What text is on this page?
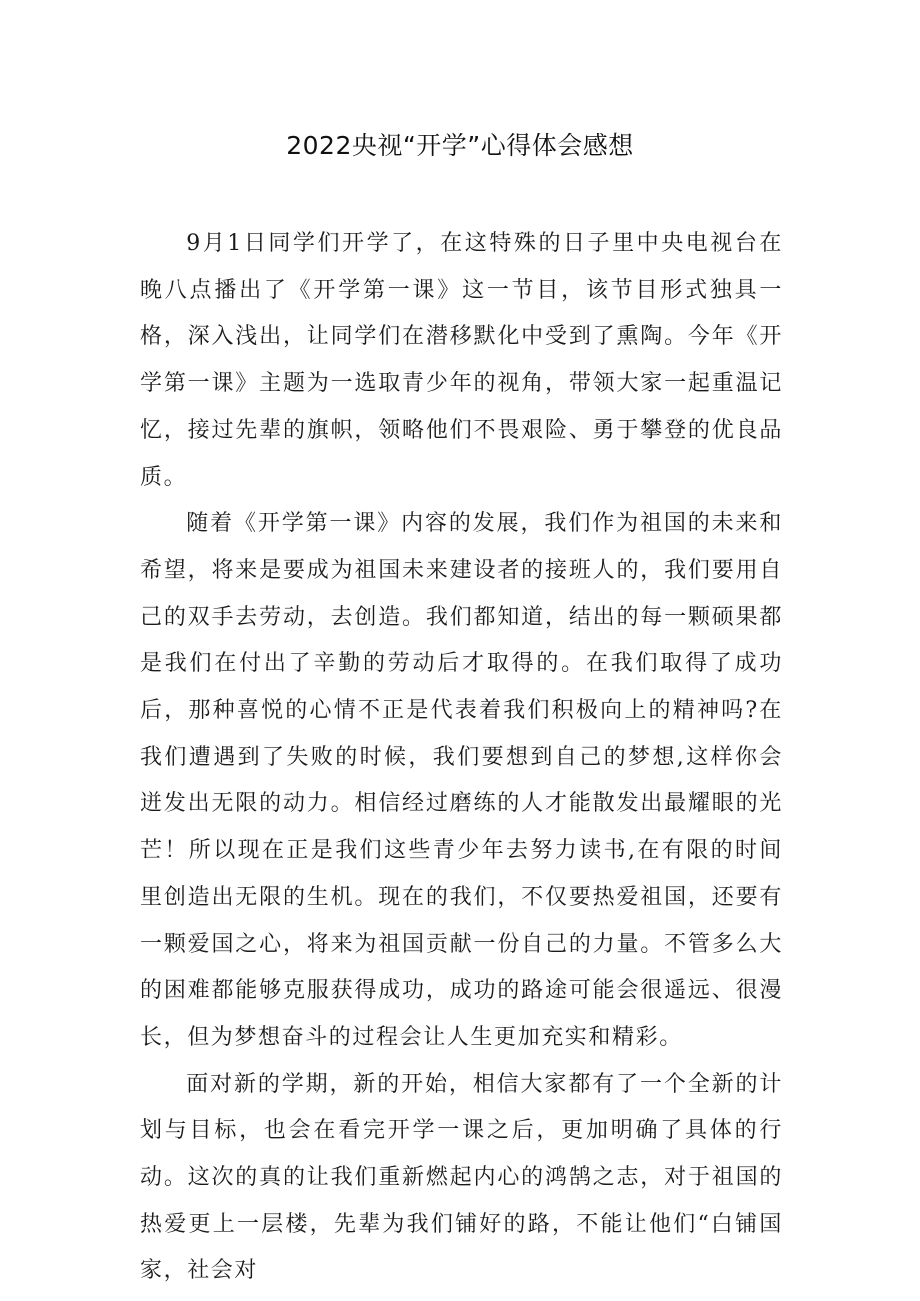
2022央视“开学”心得体会感想

9月1日同学们开学了，在这特殊的日子里中央电视台在晚八点播出了《开学第一课》这一节目，该节目形式独具一格，深入浅出，让同学们在潜移默化中受到了熏陶。今年《开学第一课》主题为一选取青少年的视角，带领大家一起重温记忆，接过先辈的旗帜，领略他们不畏艰险、勇于攀登的优良品质。

随着《开学第一课》内容的发展，我们作为祖国的未来和希望，将来是要成为祖国未来建设者的接班人的，我们要用自己的双手去劳动，去创造。我们都知道，结出的每一颗硕果都是我们在付出了辛勤的劳动后才取得的。在我们取得了成功后，那种喜悦的心情不正是代表着我们积极向上的精神吗?在我们遭遇到了失败的时候，我们要想到自己的梦想,这样你会迸发出无限的动力。相信经过磨练的人才能散发出最耀眼的光芒！所以现在正是我们这些青少年去努力读书,在有限的时间里创造出无限的生机。现在的我们，不仅要热爱祖国，还要有一颗爱国之心，将来为祖国贡献一份自己的力量。不管多么大的困难都能够克服获得成功，成功的路途可能会很遥远、很漫长，但为梦想奋斗的过程会让人生更加充实和精彩。

面对新的学期，新的开始，相信大家都有了一个全新的计划与目标，也会在看完开学一课之后，更加明确了具体的行动。这次的真的让我们重新燃起内心的鸿鹄之志，对于祖国的热爱更上一层楼，先辈为我们铺好的路，不能让他们“白铺国家，社会对
